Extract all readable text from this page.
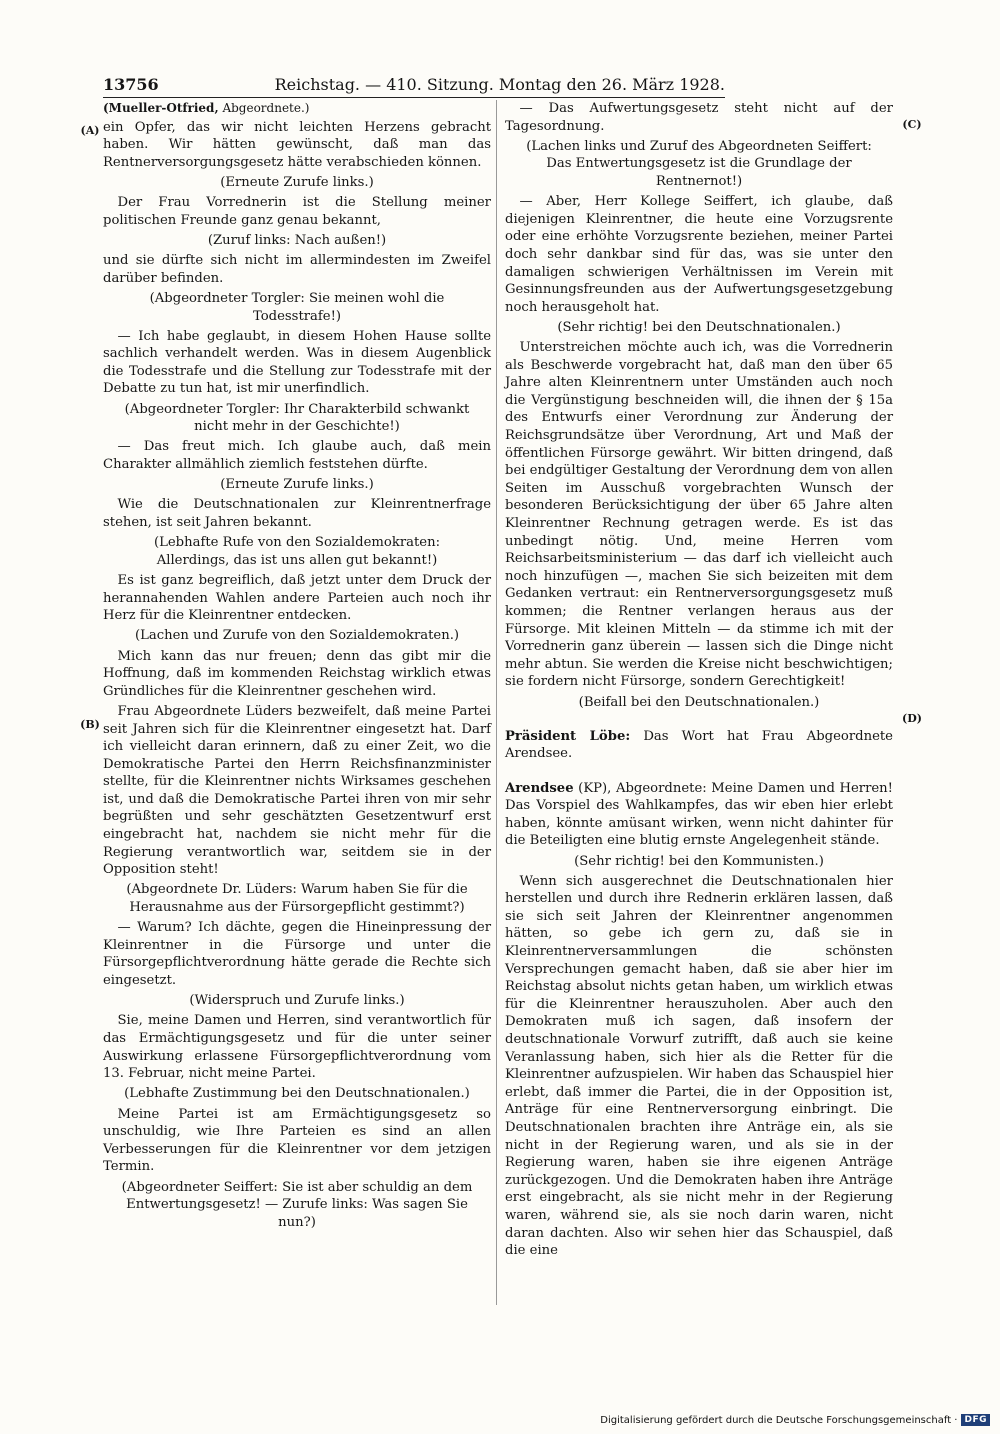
13756	Reichstag. — 410. Sitzung. Montag den 26. März 1928.
(A)
(B)
(C)
(D)
(Mueller-Otfried, Abgeordnete.)

ein Opfer, das wir nicht leichten Herzens gebracht haben. Wir hätten gewünscht, daß man das Rentnerversorgungsgesetz hätte verabschieden können.

(Erneute Zurufe links.)

Der Frau Vorrednerin ist die Stellung meiner politischen Freunde ganz genau bekannt,

(Zuruf links: Nach außen!)

und sie dürfte sich nicht im allermindesten im Zweifel darüber befinden.

(Abgeordneter Torgler: Sie meinen wohl die Todesstrafe!)

— Ich habe geglaubt, in diesem Hohen Hause sollte sachlich verhandelt werden. Was in diesem Augenblick die Todesstrafe und die Stellung zur Todesstrafe mit der Debatte zu tun hat, ist mir unerfindlich.

(Abgeordneter Torgler: Ihr Charakterbild schwankt nicht mehr in der Geschichte!)

— Das freut mich. Ich glaube auch, daß mein Charakter allmählich ziemlich feststehen dürfte.

(Erneute Zurufe links.)

Wie die Deutschnationalen zur Kleinrentnerfrage stehen, ist seit Jahren bekannt.

(Lebhafte Rufe von den Sozialdemokraten: Allerdings, das ist uns allen gut bekannt!)

Es ist ganz begreiflich, daß jetzt unter dem Druck der herannahenden Wahlen andere Parteien auch noch ihr Herz für die Kleinrentner entdecken.

(Lachen und Zurufe von den Sozialdemokraten.)

Mich kann das nur freuen; denn das gibt mir die Hoffnung, daß im kommenden Reichstag wirklich etwas Gründliches für die Kleinrentner geschehen wird.

Frau Abgeordnete Lüders bezweifelt, daß meine Partei seit Jahren sich für die Kleinrentner eingesetzt hat. Darf ich vielleicht daran erinnern, daß zu einer Zeit, wo die Demokratische Partei den Herrn Reichsfinanzminister stellte, für die Kleinrentner nichts Wirksames geschehen ist, und daß die Demokratische Partei ihren von mir sehr begrüßten und sehr geschätzten Gesetzentwurf erst eingebracht hat, nachdem sie nicht mehr für die Regierung verantwortlich war, seitdem sie in der Opposition steht!

(Abgeordnete Dr. Lüders: Warum haben Sie für die Herausnahme aus der Fürsorgepflicht gestimmt?)

— Warum? Ich dächte, gegen die Hineinpressung der Kleinrentner in die Fürsorge und unter die Fürsorgepflichtverordnung hätte gerade die Rechte sich eingesetzt.

(Widerspruch und Zurufe links.)

Sie, meine Damen und Herren, sind verantwortlich für das Ermächtigungsgesetz und für die unter seiner Auswirkung erlassene Fürsorgepflichtverordnung vom 13. Februar, nicht meine Partei.

(Lebhafte Zustimmung bei den Deutschnationalen.)

Meine Partei ist am Ermächtigungsgesetz so unschuldig, wie Ihre Parteien es sind an allen Verbesserungen für die Kleinrentner vor dem jetzigen Termin.

(Abgeordneter Seiffert: Sie ist aber schuldig an dem Entwertungsgesetz! — Zurufe links: Was sagen Sie nun?)

— Das Aufwertungsgesetz steht nicht auf der Tagesordnung.

(Lachen links und Zuruf des Abgeordneten Seiffert: Das Entwertungsgesetz ist die Grundlage der Rentnernot!)

— Aber, Herr Kollege Seiffert, ich glaube, daß diejenigen Kleinrentner, die heute eine Vorzugsrente oder eine erhöhte Vorzugsrente beziehen, meiner Partei doch sehr dankbar sind für das, was sie unter den damaligen schwierigen Verhältnissen im Verein mit Gesinnungsfreunden aus der Aufwertungsgesetzgebung noch herausgeholt hat.

(Sehr richtig! bei den Deutschnationalen.)

Unterstreichen möchte auch ich, was die Vorrednerin als Beschwerde vorgebracht hat, daß man den über 65 Jahre alten Kleinrentnern unter Umständen auch noch die Vergünstigung beschneiden will, die ihnen der § 15a des Entwurfs einer Verordnung zur Änderung der Reichsgrundsätze über Verordnung, Art und Maß der öffentlichen Fürsorge gewährt. Wir bitten dringend, daß bei endgültiger Gestaltung der Verordnung dem von allen Seiten im Ausschuß vorgebrachten Wunsch der besonderen Berücksichtigung der über 65 Jahre alten Kleinrentner Rechnung getragen werde. Es ist das unbedingt nötig. Und, meine Herren vom Reichsarbeitsministerium — das darf ich vielleicht auch noch hinzufügen —, machen Sie sich beizeiten mit dem Gedanken vertraut: ein Rentnerversorgungsgesetz muß kommen; die Rentner verlangen heraus aus der Fürsorge. Mit kleinen Mitteln — da stimme ich mit der Vorrednerin ganz überein — lassen sich die Dinge nicht mehr abtun. Sie werden die Kreise nicht beschwichtigen; sie fordern nicht Fürsorge, sondern Gerechtigkeit!

(Beifall bei den Deutschnationalen.)

Präsident Löbe: Das Wort hat Frau Abgeordnete Arendsee.

Arendsee (KP), Abgeordnete: Meine Damen und Herren! Das Vorspiel des Wahlkampfes, das wir eben hier erlebt haben, könnte amüsant wirken, wenn nicht dahinter für die Beteiligten eine blutig ernste Angelegenheit stände.

(Sehr richtig! bei den Kommunisten.)

Wenn sich ausgerechnet die Deutschnationalen hier herstellen und durch ihre Rednerin erklären lassen, daß sie sich seit Jahren der Kleinrentner angenommen hätten, so gebe ich gern zu, daß sie in Kleinrentnerversammlungen die schönsten Versprechungen gemacht haben, daß sie aber hier im Reichstag absolut nichts getan haben, um wirklich etwas für die Kleinrentner herauszuholen. Aber auch den Demokraten muß ich sagen, daß insofern der deutschnationale Vorwurf zutrifft, daß auch sie keine Veranlassung haben, sich hier als die Retter für die Kleinrentner aufzuspielen. Wir haben das Schauspiel hier erlebt, daß immer die Partei, die in der Opposition ist, Anträge für eine Rentnerversorgung einbringt. Die Deutschnationalen brachten ihre Anträge ein, als sie nicht in der Regierung waren, und als sie in der Regierung waren, haben sie ihre eigenen Anträge zurückgezogen. Und die Demokraten haben ihre Anträge erst eingebracht, als sie nicht mehr in der Regierung waren, während sie, als sie noch darin waren, nicht daran dachten. Also wir sehen hier das Schauspiel, daß die eine

Digitalisierung gefördert durch die Deutsche Forschungsgemeinschaft · DFG
